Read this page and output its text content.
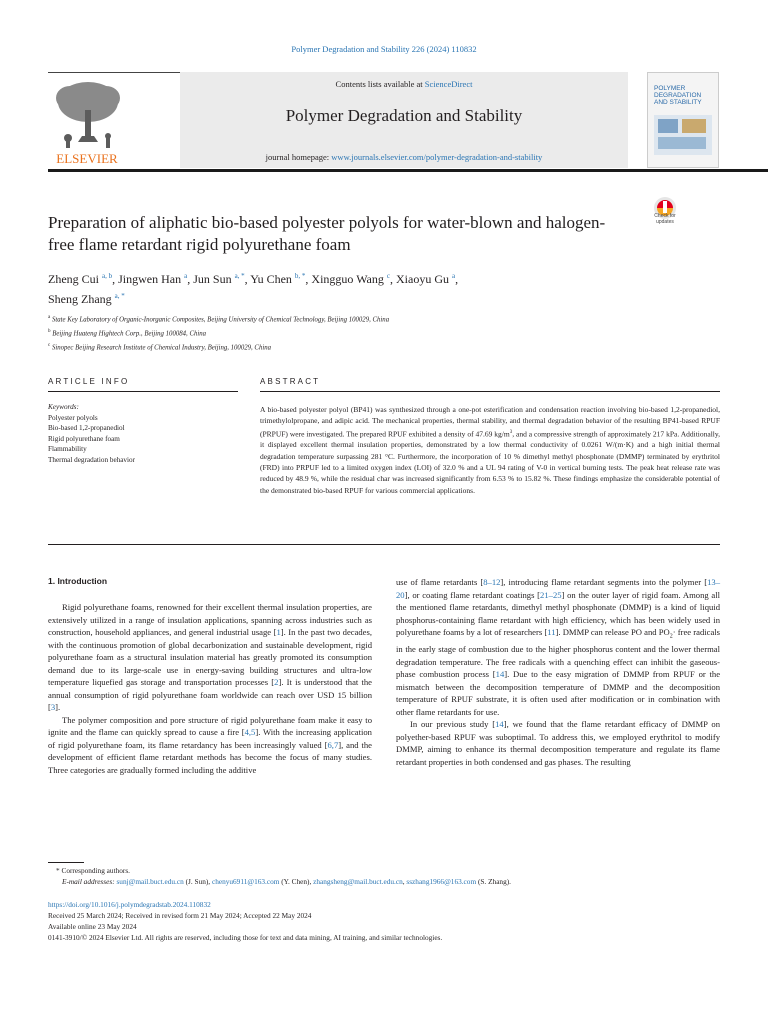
Polymer Degradation and Stability 226 (2024) 110832
ELSEVIER
Contents lists available at ScienceDirect
Polymer Degradation and Stability
journal homepage: www.journals.elsevier.com/polymer-degradation-and-stability
POLYMER
DEGRADATION
AND STABILITY
Check for
updates
Preparation of aliphatic bio-based polyester polyols for water-blown and halogen-free flame retardant rigid polyurethane foam
Zheng Cui $^{a, b}$, Jingwen Han $^a$, Jun Sun $^{a, *}$, Yu Chen $^{b, *}$, Xingguo Wang $^c$, Xiaoyu Gu $^a$,
Sheng Zhang $^{a, *}$
$^a$ State Key Laboratory of Organic-Inorganic Composites, Beijing University of Chemical Technology, Beijing 100029, China
$^b$ Beijing Huateng Hightech Corp., Beijing 100084, China
$^c$ Sinopec Beijing Research Institute of Chemical Industry, Beijing, 100029, China
ARTICLE INFO	ABSTRACT
Keywords:
Polyester polyols
Bio-based 1,2-propanediol
Rigid polyurethane foam
Flammability
Thermal degradation behavior
A bio-based polyester polyol (BP41) was synthesized through a one-pot esterification and condensation reaction involving bio-based 1,2-propanediol, trimethylolpropane, and adipic acid. The mechanical properties, thermal stability, and thermal degradation behavior of the resulting BP41-based RPUF (PRPUF) were investigated. The prepared RPUF exhibited a density of 47.69 $kg/m^3$, and a compressive strength of approximately 217 kPa. Additionally, it displayed excellent thermal insulation properties, demonstrated by a low thermal conductivity of 0.0261 W/(m·K) and a high initial thermal degradation temperature surpassing 281 °C. Furthermore, the incorporation of 10 % dimethyl methyl phosphonate (DMMP) terminated by erythritol (FRD) into PRPUF led to a limited oxygen index (LOI) of 32.0 % and a UL 94 rating of V-0 in vertical burning tests. The peak heat release rate was reduced by 48.9 %, while the residual char was increased significantly from 6.53 % to 15.82 %. These findings emphasize the considerable potential of the demonstrated bio-based RPUF for various commercial applications.
1. Introduction

Rigid polyurethane foams, renowned for their excellent thermal insulation properties, are extensively utilized in a range of insulation applications, spanning across industries such as construction, household appliances, and general industrial usage [1]. In the past two decades, with the continuous promotion of global decarbonization and sustainable development, rigid polyurethane foam as a structural insulation material has greatly promoted its consumption demand due to its large-scale use in energy-saving building structures and ultra-low temperature liquefied gas storage and transportation processes [2]. It is understood that the annual consumption of rigid polyurethane foam worldwide can reach over USD 15 billion [3].

The polymer composition and pore structure of rigid polyurethane foam make it easy to ignite and the flame can quickly spread to cause a fire [4,5]. With the increasing application of rigid polyurethane foam, its flame retardancy has been increasingly valued [6,7], and the development of efficient flame retardant methods has become the focus of many studies. Three categories are gradually formed including the additive

use of flame retardants [8–12], introducing flame retardant segments into the polymer [13–20], or coating flame retardant coatings [21–25] on the outer layer of rigid foam. Among all the mentioned flame retardants, dimethyl methyl phosphonate (DMMP) is a kind of liquid phosphorus-containing flame retardant with high efficiency, which has been widely used in polyurethane foams by a lot of researchers [11]. DMMP can release PO and $PO_2\cdot$ free radicals in the early stage of combustion due to the higher phosphorus content and the lower thermal degradation temperature. The free radicals with a quenching effect can inhibit the gaseous-phase combustion process [14]. Due to the easy migration of DMMP from RPUF or the mismatch between the decomposition temperature of DMMP and the decomposition temperature of RPUF substrate, it is often used after modification or in combination with other flame retardants for use.

In our previous study [14], we found that the flame retardant efficacy of DMMP on polyether-based RPUF was suboptimal. To address this, we employed erythritol to modify DMMP, aiming to enhance its thermal decomposition temperature and regulate its flame retardant properties in both condensed and gas phases. The resulting

* Corresponding authors.
E-mail addresses: sunj@mail.buct.edu.cn (J. Sun), chenyu6911@163.com (Y. Chen), zhangsheng@mail.buct.edu.cn, sszhang1966@163.com (S. Zhang).
https://doi.org/10.1016/j.polymdegradstab.2024.110832
Received 25 March 2024; Received in revised form 21 May 2024; Accepted 22 May 2024
Available online 23 May 2024
0141-3910/© 2024 Elsevier Ltd. All rights are reserved, including those for text and data mining, AI training, and similar technologies.
